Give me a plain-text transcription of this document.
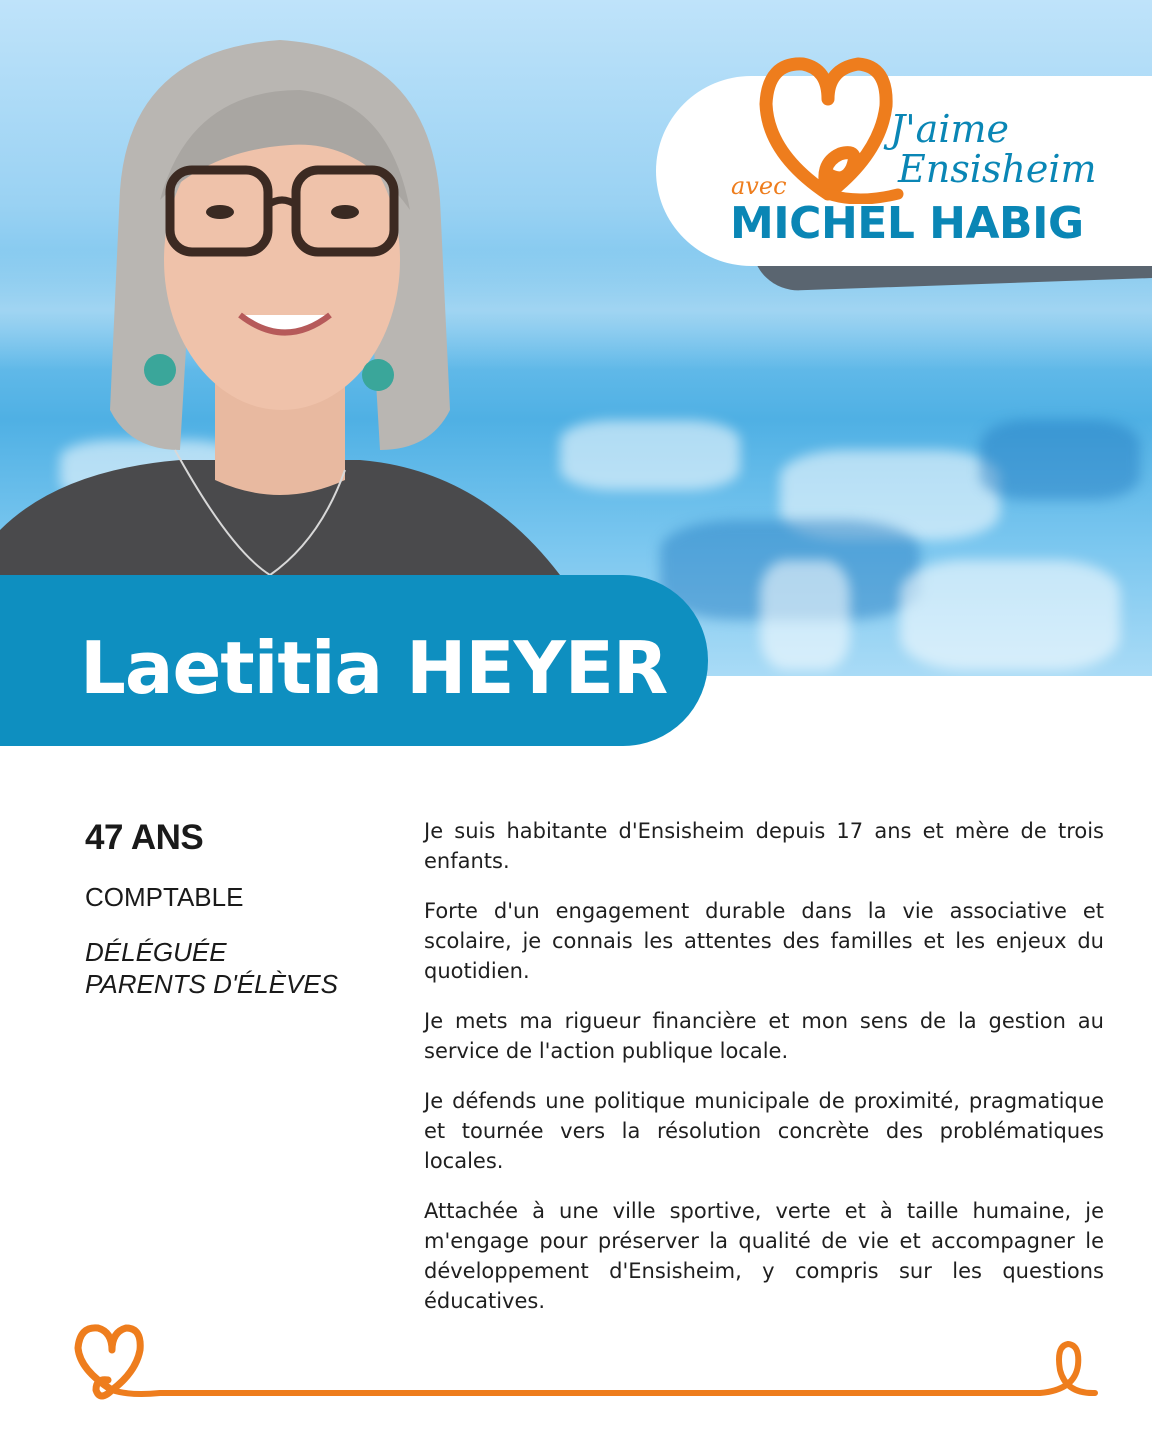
J'aime
Ensisheim
avec
MICHEL HABIG
Laetitia HEYER
47 ANS
COMPTABLE
DÉLÉGUÉE PARENTS D'ÉLÈVES

Je suis habitante d'Ensisheim depuis 17 ans et mère de trois enfants.

Forte d'un engagement durable dans la vie associative et scolaire, je connais les attentes des familles et les enjeux du quotidien.

Je mets ma rigueur financière et mon sens de la gestion au service de l'action publique locale.

Je défends une politique municipale de proximité, pragmatique et tournée vers la résolution concrète des problématiques locales.

Attachée à une ville sportive, verte et à taille humaine, je m'engage pour préserver la qualité de vie et accompagner le développement d'Ensisheim, y compris sur les questions éducatives.
